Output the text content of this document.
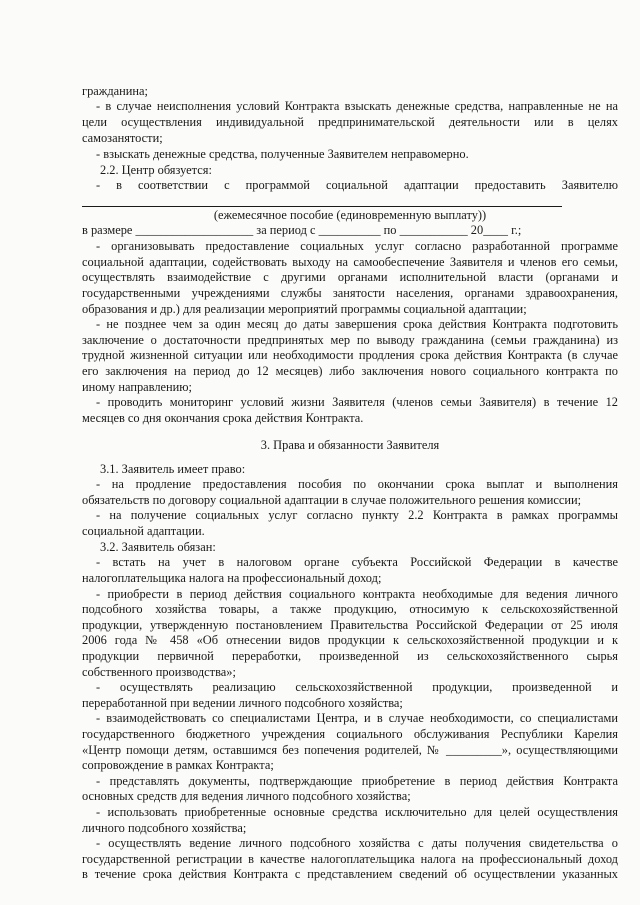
гражданина;
- в случае неисполнения условий Контракта взыскать денежные средства, направленные не на
цели осуществления индивидуальной предпринимательской деятельности или в целях
самозанятости;
- взыскать денежные средства, полученные Заявителем неправомерно.
2.2. Центр обязуется:
- в соответствии с программой социальной адаптации предоставить Заявителю
(ежемесячное пособие (единовременную выплату))
в размере ___________________ за период с __________ по ___________ 20____ г.;
- организовывать предоставление социальных услуг согласно разработанной программе
социальной адаптации, содействовать выходу на самообеспечение Заявителя и членов его семьи,
осуществлять взаимодействие с другими органами исполнительной власти (органами и
государственными учреждениями службы занятости населения, органами здравоохранения,
образования и др.) для реализации мероприятий программы социальной адаптации;
- не позднее чем за один месяц до даты завершения срока действия Контракта подготовить
заключение о достаточности предпринятых мер по выводу гражданина (семьи гражданина) из
трудной жизненной ситуации или необходимости продления срока действия Контракта (в случае
его заключения на период до 12 месяцев) либо заключения нового социального контракта по
иному направлению;
- проводить мониторинг условий жизни Заявителя (членов семьи Заявителя) в течение 12
месяцев со дня окончания срока действия Контракта.
3. Права и обязанности Заявителя
3.1. Заявитель имеет право:
- на продление предоставления пособия по окончании срока выплат и выполнения
обязательств по договору социальной адаптации в случае положительного решения комиссии;
- на получение социальных услуг согласно пункту 2.2 Контракта в рамках программы
социальной адаптации.
3.2. Заявитель обязан:
- встать на учет в налоговом органе субъекта Российской Федерации в качестве
налогоплательщика налога на профессиональный доход;
- приобрести в период действия социального контракта необходимые для ведения личного
подсобного хозяйства товары, а также продукцию, относимую к сельскохозяйственной
продукции, утвержденную постановлением Правительства Российской Федерации от 25 июля
2006 года № 458 «Об отнесении видов продукции к сельскохозяйственной продукции и к
продукции первичной переработки, произведенной из сельскохозяйственного сырья
собственного производства»;
- осуществлять реализацию сельскохозяйственной продукции, произведенной и
переработанной при ведении личного подсобного хозяйства;
- взаимодействовать со специалистами Центра, и в случае необходимости, со специалистами
государственного бюджетного учреждения социального обслуживания Республики Карелия
«Центр помощи детям, оставшимся без попечения родителей, № _________», осуществляющими
сопровождение в рамках Контракта;
- представлять документы, подтверждающие приобретение в период действия Контракта
основных средств для ведения личного подсобного хозяйства;
- использовать приобретенные основные средства исключительно для целей осуществления
личного подсобного хозяйства;
- осуществлять ведение личного подсобного хозяйства с даты получения свидетельства о
государственной регистрации в качестве налогоплательщика налога на профессиональный доход
в течение срока действия Контракта с представлением сведений об осуществлении указанных
